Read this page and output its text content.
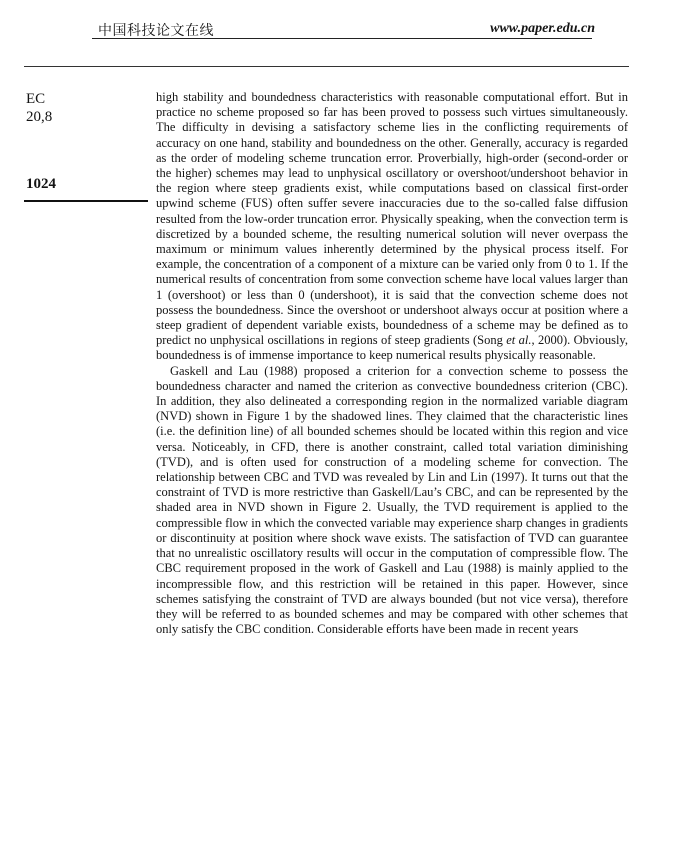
中国科技论文在线	www.paper.edu.cn
EC
20,8
1024

high stability and boundedness characteristics with reasonable computational effort. But in practice no scheme proposed so far has been proved to possess such virtues simultaneously. The difficulty in devising a satisfactory scheme lies in the conflicting requirements of accuracy on one hand, stability and boundedness on the other. Generally, accuracy is regarded as the order of modeling scheme truncation error. Proverbially, high-order (second-order or the higher) schemes may lead to unphysical oscillatory or overshoot/undershoot behavior in the region where steep gradients exist, while computations based on classical first-order upwind scheme (FUS) often suffer severe inaccuracies due to the so-called false diffusion resulted from the low-order truncation error. Physically speaking, when the convection term is discretized by a bounded scheme, the resulting numerical solution will never overpass the maximum or minimum values inherently determined by the physical process itself. For example, the concentration of a component of a mixture can be varied only from 0 to 1. If the numerical results of concentration from some convection scheme have local values larger than 1 (overshoot) or less than 0 (undershoot), it is said that the convection scheme does not possess the boundedness. Since the overshoot or undershoot always occur at position where a steep gradient of dependent variable exists, boundedness of a scheme may be defined as to predict no unphysical oscillations in regions of steep gradients (Song et al., 2000). Obviously, boundedness is of immense importance to keep numerical results physically reasonable.

Gaskell and Lau (1988) proposed a criterion for a convection scheme to possess the boundedness character and named the criterion as convective boundedness criterion (CBC). In addition, they also delineated a corresponding region in the normalized variable diagram (NVD) shown in Figure 1 by the shadowed lines. They claimed that the characteristic lines (i.e. the definition line) of all bounded schemes should be located within this region and vice versa. Noticeably, in CFD, there is another constraint, called total variation diminishing (TVD), and is often used for construction of a modeling scheme for convection. The relationship between CBC and TVD was revealed by Lin and Lin (1997). It turns out that the constraint of TVD is more restrictive than Gaskell/Lau’s CBC, and can be represented by the shaded area in NVD shown in Figure 2. Usually, the TVD requirement is applied to the compressible flow in which the convected variable may experience sharp changes in gradients or discontinuity at position where shock wave exists. The satisfaction of TVD can guarantee that no unrealistic oscillatory results will occur in the computation of compressible flow. The CBC requirement proposed in the work of Gaskell and Lau (1988) is mainly applied to the incompressible flow, and this restriction will be retained in this paper. However, since schemes satisfying the constraint of TVD are always bounded (but not vice versa), therefore they will be referred to as bounded schemes and may be compared with other schemes that only satisfy the CBC condition. Considerable efforts have been made in recent years
